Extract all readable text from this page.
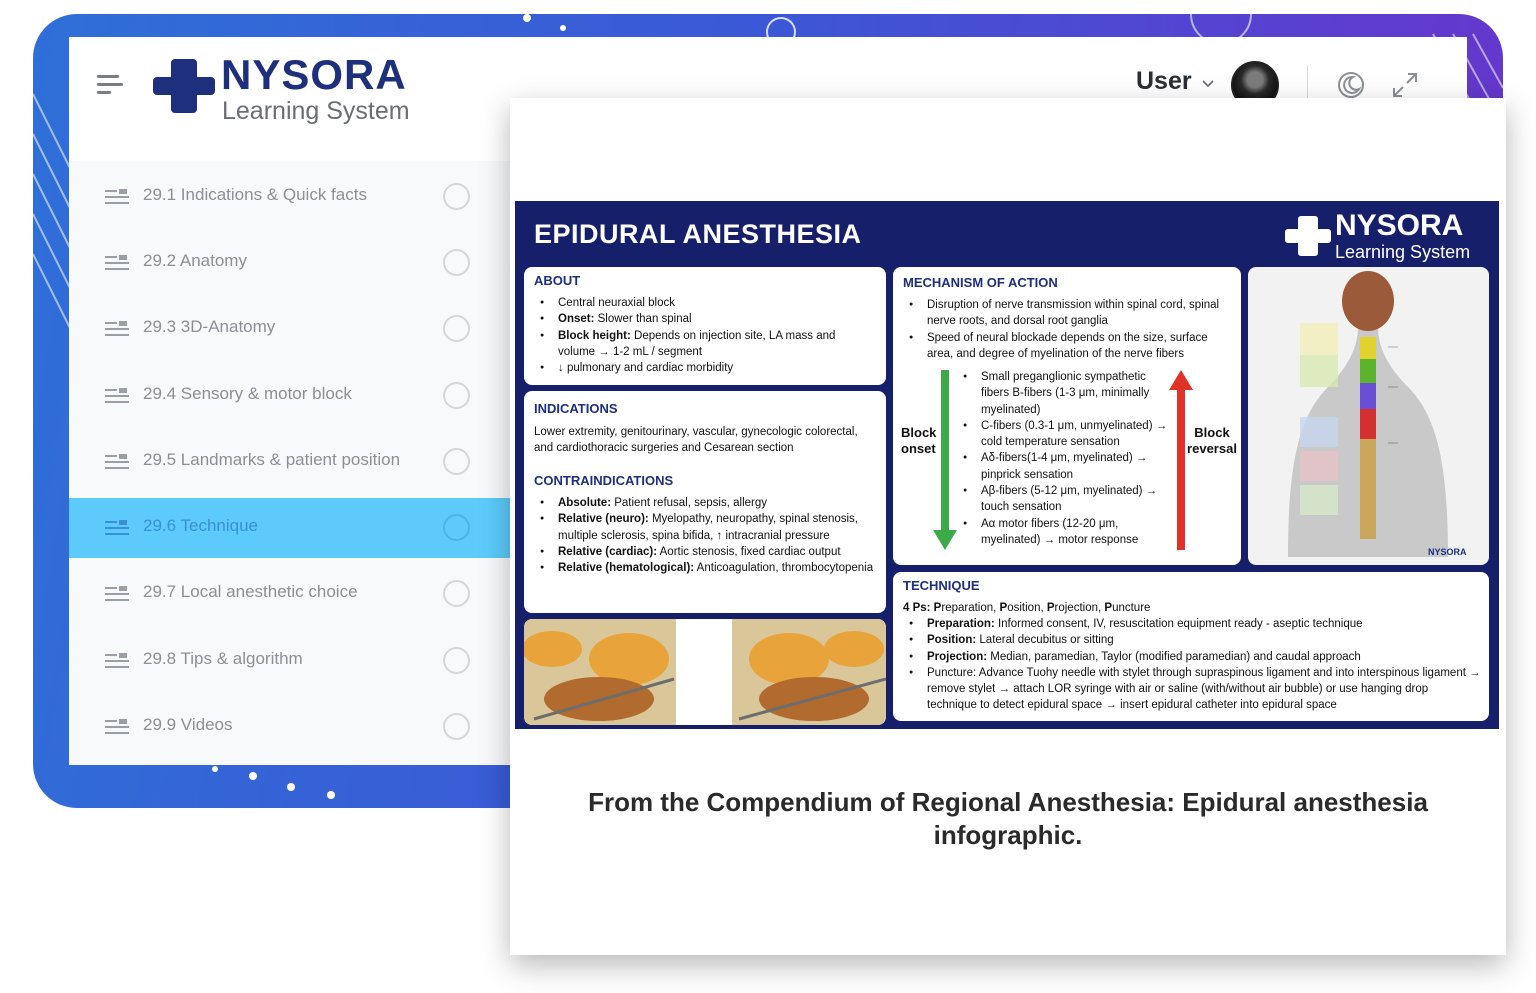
NYSORA
Learning System
User
29.1 Indications & Quick facts
29.2 Anatomy
29.3 3D-Anatomy
29.4 Sensory & motor block
29.5 Landmarks & patient position
29.6 Technique
29.7 Local anesthetic choice
29.8 Tips & algorithm
29.9 Videos
EPIDURAL ANESTHESIA	NYSORA
Learning System
ABOUT
● Central neuraxial block
● Onset: Slower than spinal
● Block height: Depends on injection site, LA mass and volume → 1-2 mL / segment
● ↓ pulmonary and cardiac morbidity
INDICATIONS
Lower extremity, genitourinary, vascular, gynecologic colorectal, and cardiothoracic surgeries and Cesarean section
CONTRAINDICATIONS
● Absolute: Patient refusal, sepsis, allergy
● Relative (neuro): Myelopathy, neuropathy, spinal stenosis, multiple sclerosis, spina bifida, ↑ intracranial pressure
● Relative (cardiac): Aortic stenosis, fixed cardiac output
● Relative (hematological): Anticoagulation, thrombocytopenia
MECHANISM OF ACTION
● Disruption of nerve transmission within spinal cord, spinal nerve roots, and dorsal root ganglia
● Speed of neural blockade depends on the size, surface area, and degree of myelination of the nerve fibers
Block onset
Block reversal
● Small preganglionic sympathetic fibers B-fibers (1-3 μm, minimally myelinated)
● C-fibers (0.3-1 μm, unmyelinated) → cold temperature sensation
● Aδ-fibers(1-4 μm, myelinated) → pinprick sensation
● Aβ-fibers (5-12 μm, myelinated) → touch sensation
● Aα motor fibers (12-20 μm, myelinated) → motor response
NYSORA
TECHNIQUE
4 Ps: Preparation, Position, Projection, Puncture
● Preparation: Informed consent, IV, resuscitation equipment ready - aseptic technique
● Position: Lateral decubitus or sitting
● Projection: Median, paramedian, Taylor (modified paramedian) and caudal approach
● Puncture: Advance Tuohy needle with stylet through supraspinous ligament and into interspinous ligament → remove stylet → attach LOR syringe with air or saline (with/without air bubble) or use hanging drop technique to detect epidural space → insert epidural catheter into epidural space
From the Compendium of Regional Anesthesia: Epidural anesthesia infographic.
